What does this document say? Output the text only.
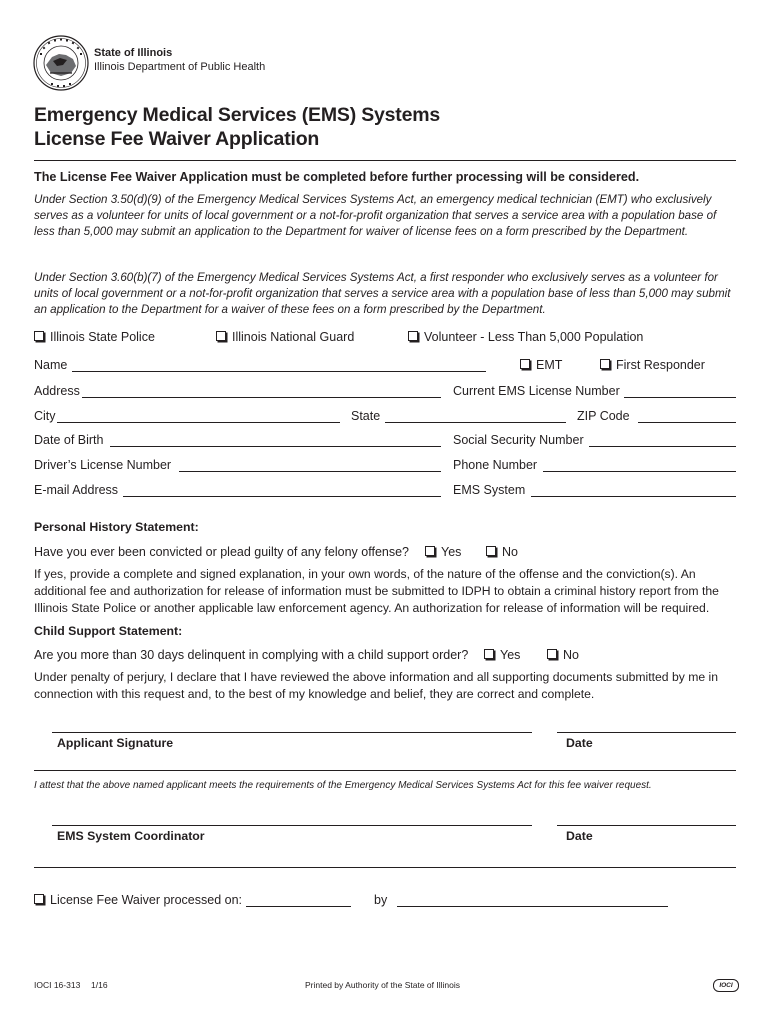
State of Illinois
Illinois Department of Public Health
Emergency Medical Services (EMS) Systems
License Fee Waiver Application
The License Fee Waiver Application must be completed before further processing will be considered.
Under Section 3.50(d)(9) of the Emergency Medical Services Systems Act, an emergency medical technician (EMT) who exclusively serves as a volunteer for units of local government or a not-for-profit organization that serves a service area with a population base of less than 5,000 may submit an application to the Department for waiver of license fees on a form prescribed by the Department.
Under Section 3.60(b)(7) of the Emergency Medical Services Systems Act, a first responder who exclusively serves as a volunteer for units of local government or a not-for-profit organization that serves a service area with a population base of less than 5,000 may submit an application to the Department for a waiver of these fees on a form prescribed by the Department.
Illinois State Police	Illinois National Guard	Volunteer - Less Than 5,000 Population
Name	EMT	First Responder
Address	Current EMS License Number
City	State	ZIP Code
Date of Birth	Social Security Number
Driver’s License Number	Phone Number
E-mail Address	EMS System
Personal History Statement:
Have you ever been convicted or plead guilty of any felony offense?	Yes	No
If yes, provide a complete and signed explanation, in your own words, of the nature of the offense and the conviction(s). An additional fee and authorization for release of information must be submitted to IDPH to obtain a criminal history report from the Illinois State Police or another applicable law enforcement agency. An authorization for release of information will be required.
Child Support Statement:
Are you more than 30 days delinquent in complying with a child support order?	Yes	No
Under penalty of perjury, I declare that I have reviewed the above information and all supporting documents submitted by me in connection with this request and, to the best of my knowledge and belief, they are correct and complete.
Applicant Signature	Date
I attest that the above named applicant meets the requirements of the Emergency Medical Services Systems Act for this fee waiver request.
EMS System Coordinator	Date
License Fee Waiver processed on:	by
IOCI 16-313 1/16	Printed by Authority of the State of Illinois	IOCI
